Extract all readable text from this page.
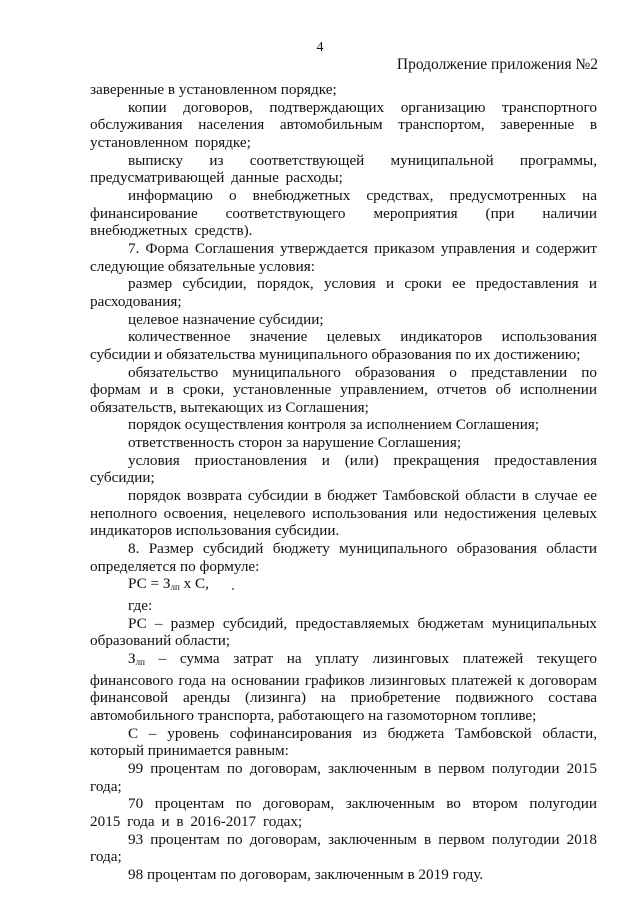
4
Продолжение приложения №2

заверенные в установленном порядке;

копии договоров, подтверждающих организацию транспортного обслуживания населения автомобильным транспортом, заверенные в установленном порядке;

выписку из соответствующей муниципальной программы, предусматривающей данные расходы;

информацию о внебюджетных средствах, предусмотренных на финансирование соответствующего мероприятия (при наличии внебюджетных средств).

7. Форма Соглашения утверждается приказом управления и содержит следующие обязательные условия:

размер субсидии, порядок, условия и сроки ее предоставления и расходования;

целевое назначение субсидии;

количественное значение целевых индикаторов использования субсидии и обязательства муниципального образования по их достижению;

обязательство муниципального образования о представлении по формам и в сроки, установленные управлением, отчетов об исполнении обязательств, вытекающих из Соглашения;

порядок осуществления контроля за исполнением Соглашения;

ответственность сторон за нарушение Соглашения;

условия приостановления и (или) прекращения предоставления субсидии;

порядок возврата субсидии в бюджет Тамбовской области в случае ее неполного освоения, нецелевого использования или недостижения целевых индикаторов использования субсидии.

8. Размер субсидий бюджету муниципального образования области определяется по формуле:

РС = $З_{лп}$ х С,

где:

РС – размер субсидий, предоставляемых бюджетам муниципальных образований области;

$З_{лп}$ – сумма затрат на уплату лизинговых платежей текущего финансового года на основании графиков лизинговых платежей к договорам финансовой аренды (лизинга) на приобретение подвижного состава автомобильного транспорта, работающего на газомоторном топливе;

С – уровень софинансирования из бюджета Тамбовской области, который принимается равным:

99 процентам по договорам, заключенным в первом полугодии 2015 года;

70 процентам по договорам, заключенным во втором полугодии 2015 года и в 2016-2017 годах;

93 процентам по договорам, заключенным в первом полугодии 2018 года;

98 процентам по договорам, заключенным в 2019 году.
